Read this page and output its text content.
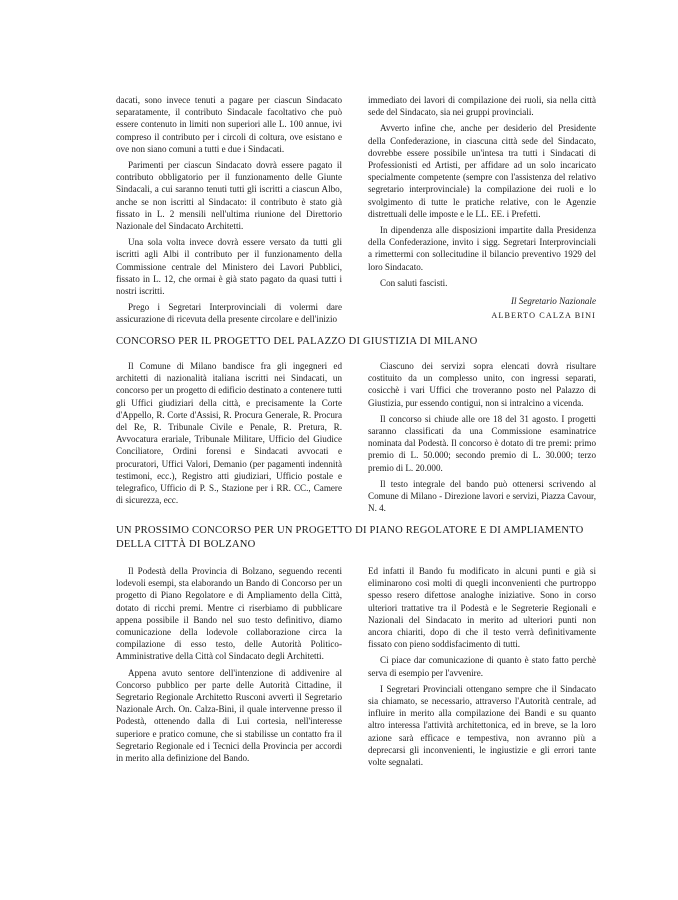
dacati, sono invece tenuti a pagare per ciascun Sindacato separatamente, il contributo Sindacale facoltativo che può essere contenuto in limiti non superiori alle L. 100 annue, ivi compreso il contributo per i circoli di coltura, ove esistano e ove non siano comuni a tutti e due i Sindacati.

Parimenti per ciascun Sindacato dovrà essere pagato il contributo obbligatorio per il funzionamento delle Giunte Sindacali, a cui saranno tenuti tutti gli iscritti a ciascun Albo, anche se non iscritti al Sindacato: il contributo è stato già fissato in L. 2 mensili nell'ultima riunione del Direttorio Nazionale del Sindacato Architetti.

Una sola volta invece dovrà essere versato da tutti gli iscritti agli Albi il contributo per il funzionamento della Commissione centrale del Ministero dei Lavori Pubblici, fissato in L. 12, che ormai è già stato pagato da quasi tutti i nostri iscritti.

Prego i Segretari Interprovinciali di volermi dare assicurazione di ricevuta della presente circolare e dell'inizio

immediato dei lavori di compilazione dei ruoli, sia nella città sede del Sindacato, sia nei gruppi provinciali.

Avverto infine che, anche per desiderio del Presidente della Confederazione, in ciascuna città sede del Sindacato, dovrebbe essere possibile un'intesa tra tutti i Sindacati di Professionisti ed Artisti, per affidare ad un solo incaricato specialmente competente (sempre con l'assistenza del relativo segretario interprovinciale) la compilazione dei ruoli e lo svolgimento di tutte le pratiche relative, con le Agenzie distrettuali delle imposte e le LL. EE. i Prefetti.

In dipendenza alle disposizioni impartite dalla Presidenza della Confederazione, invito i sigg. Segretari Interprovinciali a rimettermi con sollecitudine il bilancio preventivo 1929 del loro Sindacato.

Con saluti fascisti.

Il Segretario Nazionale

ALBERTO CALZA BINI

CONCORSO PER IL PROGETTO DEL PALAZZO DI GIUSTIZIA DI MILANO

Il Comune di Milano bandisce fra gli ingegneri ed architetti di nazionalità italiana iscritti nei Sindacati, un concorso per un progetto di edificio destinato a contenere tutti gli Uffici giudiziari della città, e precisamente la Corte d'Appello, R. Corte d'Assisi, R. Procura Generale, R. Procura del Re, R. Tribunale Civile e Penale, R. Pretura, R. Avvocatura erariale, Tribunale Militare, Ufficio del Giudice Conciliatore, Ordini forensi e Sindacati avvocati e procuratori, Uffici Valori, Demanio (per pagamenti indennità testimoni, ecc.), Registro atti giudiziari, Ufficio postale e telegrafico, Ufficio di P. S., Stazione per i RR. CC., Camere di sicurezza, ecc.

Ciascuno dei servizi sopra elencati dovrà risultare costituito da un complesso unito, con ingressi separati, cosicchè i vari Uffici che troveranno posto nel Palazzo di Giustizia, pur essendo contigui, non si intralcino a vicenda.

Il concorso si chiude alle ore 18 del 31 agosto. I progetti saranno classificati da una Commissione esaminatrice nominata dal Podestà. Il concorso è dotato di tre premi: primo premio di L. 50.000; secondo premio di L. 30.000; terzo premio di L. 20.000.

Il testo integrale del bando può ottenersi scrivendo al Comune di Milano - Direzione lavori e servizi, Piazza Cavour, N. 4.

UN PROSSIMO CONCORSO PER UN PROGETTO DI PIANO REGOLATORE E DI AMPLIAMENTO
DELLA CITTÀ DI BOLZANO

Il Podestà della Provincia di Bolzano, seguendo recenti lodevoli esempi, sta elaborando un Bando di Concorso per un progetto di Piano Regolatore e di Ampliamento della Città, dotato di ricchi premi. Mentre ci riserbiamo di pubblicare appena possibile il Bando nel suo testo definitivo, diamo comunicazione della lodevole collaborazione circa la compilazione di esso testo, delle Autorità Politico-Amministrative della Città col Sindacato degli Architetti.

Appena avuto sentore dell'intenzione di addivenire al Concorso pubblico per parte delle Autorità Cittadine, il Segretario Regionale Architetto Rusconi avvertì il Segretario Nazionale Arch. On. Calza-Bini, il quale intervenne presso il Podestà, ottenendo dalla di Lui cortesia, nell'interesse superiore e pratico comune, che si stabilisse un contatto fra il Segretario Regionale ed i Tecnici della Provincia per accordi in merito alla definizione del Bando.

Ed infatti il Bando fu modificato in alcuni punti e già si eliminarono così molti di quegli inconvenienti che purtroppo spesso resero difettose analoghe iniziative. Sono in corso ulteriori trattative tra il Podestà e le Segreterie Regionali e Nazionali del Sindacato in merito ad ulteriori punti non ancora chiariti, dopo di che il testo verrà definitivamente fissato con pieno soddisfacimento di tutti.

Ci piace dar comunicazione di quanto è stato fatto perchè serva di esempio per l'avvenire.

I Segretari Provinciali ottengano sempre che il Sindacato sia chiamato, se necessario, attraverso l'Autorità centrale, ad influire in merito alla compilazione dei Bandi e su quanto altro interessa l'attività architettonica, ed in breve, se la loro azione sarà efficace e tempestiva, non avranno più a deprecarsi gli inconvenienti, le ingiustizie e gli errori tante volte segnalati.
